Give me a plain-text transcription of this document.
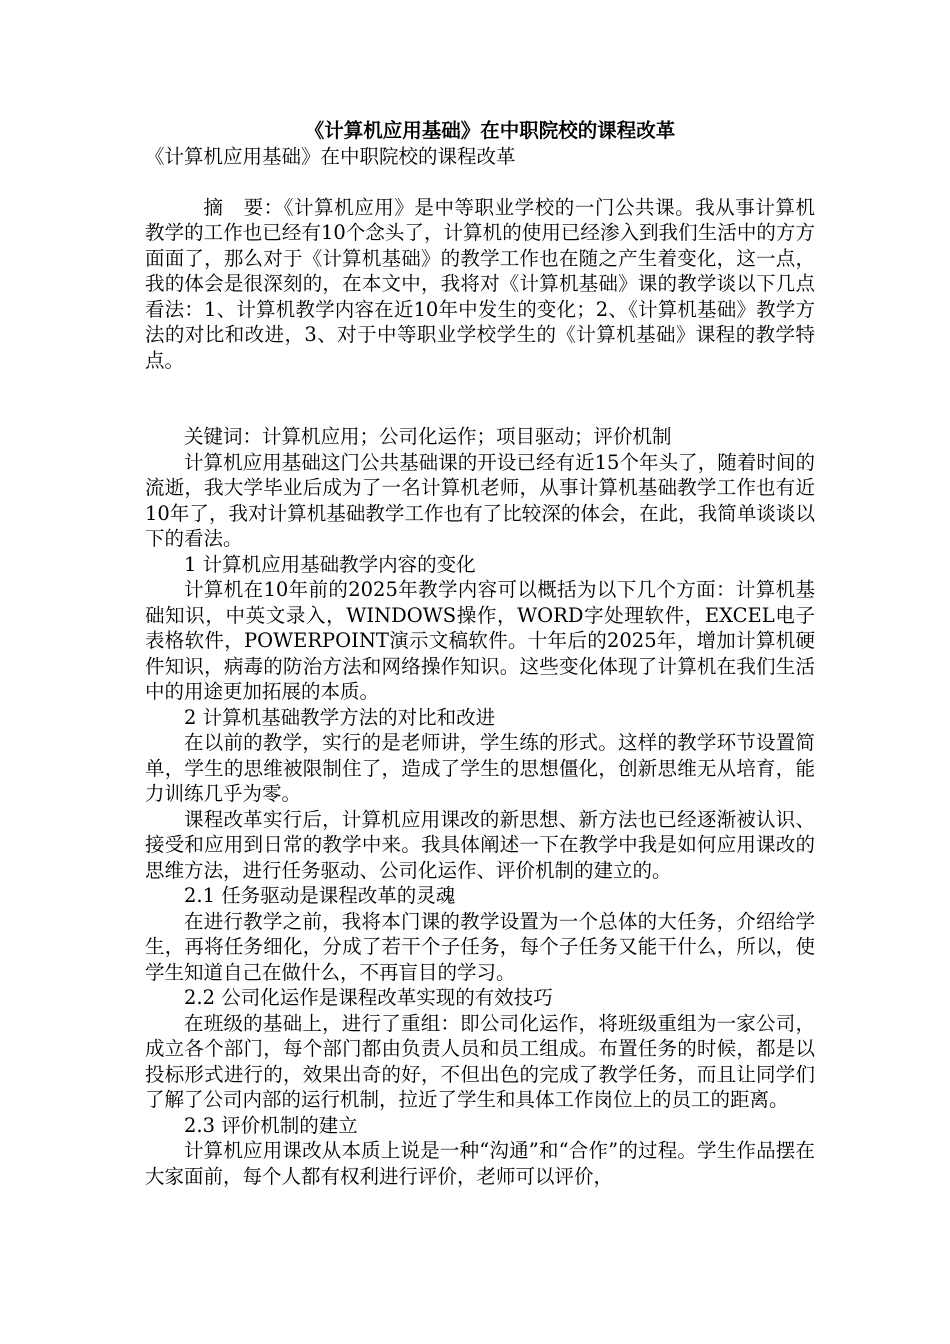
《计算机应用基础》在中职院校的课程改革

《计算机应用基础》在中职院校的课程改革

摘　要：《计算机应用》是中等职业学校的一门公共课。我从事计算机教学的工作也已经有10个念头了，计算机的使用已经渗入到我们生活中的方方面面了，那么对于《计算机基础》的教学工作也在随之产生着变化，这一点，我的体会是很深刻的，在本文中，我将对《计算机基础》课的教学谈以下几点看法：1、计算机教学内容在近10年中发生的变化；2、《计算机基础》教学方法的对比和改进，3、对于中等职业学校学生的《计算机基础》课程的教学特点。

关键词：计算机应用；公司化运作；项目驱动；评价机制

计算机应用基础这门公共基础课的开设已经有近15个年头了，随着时间的流逝，我大学毕业后成为了一名计算机老师，从事计算机基础教学工作也有近10年了，我对计算机基础教学工作也有了比较深的体会，在此，我简单谈谈以下的看法。

1 计算机应用基础教学内容的变化

计算机在10年前的2025年教学内容可以概括为以下几个方面：计算机基础知识，中英文录入，WINDOWS操作，WORD字处理软件，EXCEL电子表格软件，POWERPOINT演示文稿软件。十年后的2025年，增加计算机硬件知识，病毒的防治方法和网络操作知识。这些变化体现了计算机在我们生活中的用途更加拓展的本质。

2 计算机基础教学方法的对比和改进

在以前的教学，实行的是老师讲，学生练的形式。这样的教学环节设置简单，学生的思维被限制住了，造成了学生的思想僵化，创新思维无从培育，能力训练几乎为零。

课程改革实行后，计算机应用课改的新思想、新方法也已经逐渐被认识、接受和应用到日常的教学中来。我具体阐述一下在教学中我是如何应用课改的思维方法，进行任务驱动、公司化运作、评价机制的建立的。

2.1 任务驱动是课程改革的灵魂

在进行教学之前，我将本门课的教学设置为一个总体的大任务，介绍给学生，再将任务细化，分成了若干个子任务，每个子任务又能干什么，所以，使学生知道自己在做什么，不再盲目的学习。

2.2 公司化运作是课程改革实现的有效技巧

在班级的基础上，进行了重组：即公司化运作，将班级重组为一家公司，成立各个部门，每个部门都由负责人员和员工组成。布置任务的时候，都是以投标形式进行的，效果出奇的好，不但出色的完成了教学任务，而且让同学们了解了公司内部的运行机制，拉近了学生和具体工作岗位上的员工的距离。

2.3 评价机制的建立

计算机应用课改从本质上说是一种“沟通”和“合作”的过程。学生作品摆在大家面前，每个人都有权利进行评价，老师可以评价，
